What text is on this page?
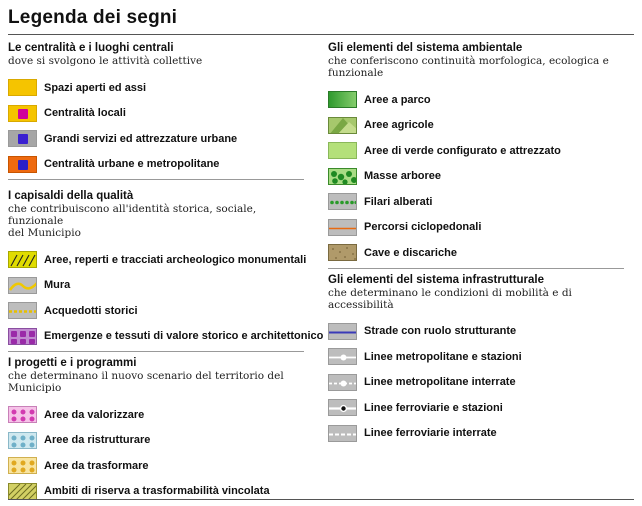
Legenda dei segni
Le centralità e i luoghi centrali
dove si svolgono le attività collettive
Spazi aperti ed assi
Centralità locali
Grandi servizi ed attrezzature urbane
Centralità urbane e metropolitane
I capisaldi della qualità
che contribuiscono all'identità storica, sociale, funzionale
del Municipio
Aree, reperti e tracciati archeologico monumentali
Mura
Acquedotti storici
Emergenze e tessuti di valore storico e architettonico
I progetti e i programmi
che determinano il nuovo scenario del territorio del Municipio
Aree da valorizzare
Aree da ristrutturare
Aree da trasformare
Ambiti di riserva a trasformabilità vincolata
Gli elementi del sistema ambientale
che conferiscono continuità morfologica, ecologica e funzionale
Aree a parco
Aree agricole
Aree di verde configurato e attrezzato
Masse arboree
Filari alberati
Percorsi ciclopedonali
Cave e discariche
Gli elementi del sistema infrastrutturale
che determinano le condizioni di mobilità e di accessibilità
Strade con ruolo strutturante
Linee metropolitane e stazioni
Linee metropolitane interrate
Linee ferroviarie e stazioni
Linee ferroviarie interrate
